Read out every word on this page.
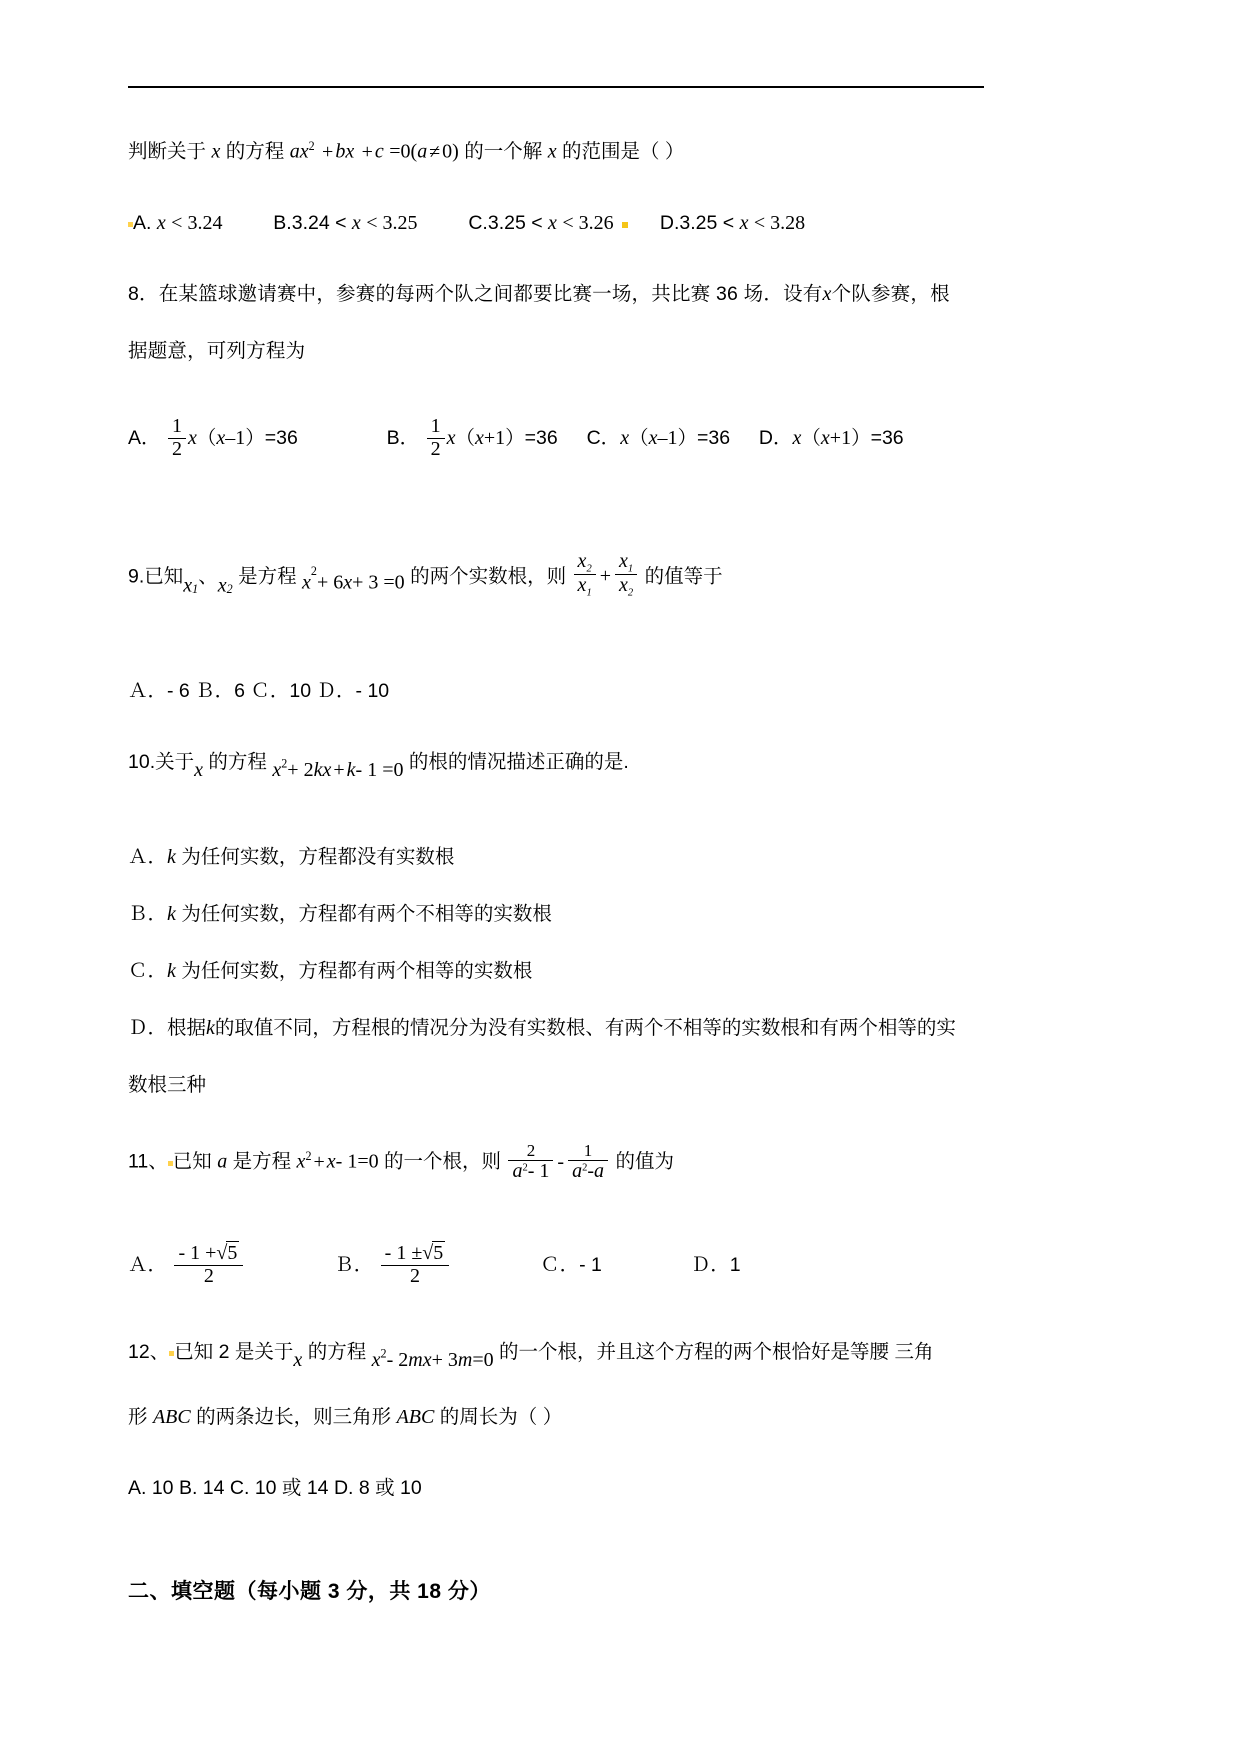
判断关于 x 的方程 $ax^2$ + bx + c =0(a ≠ 0) 的一个解 x 的范围是（ ）
A. x < 3.24	B.3.24 < x < 3.25	C.3.25 < x < 3.26 D.3.25 < x < 3.28
8．在某篮球邀请赛中，参赛的每两个队之间都要比赛一场，共比赛 36 场．设有x个队参赛，根
据题意，可列方程为
A． $\frac{1}{2} x(x-1)=36$	B． $\frac{1}{2} x(x+1)=36$ C．x（x–1）=36 D．x（x+1）=36
9.已知$x_1$、$x_2$ 是方程 $x^2+ 6x+ 3 =0$ 的两个实数根，则 $\frac{x_2}{x_1} + \frac{x_1}{x_2}$ 的值等于
Ａ．- 6 Ｂ．6 Ｃ．10 Ｄ．- 10
10.关于x 的方程 $x^2+ 2kx + k-$ 1 =0 的根的情况描述正确的是.
Ａ．k 为任何实数，方程都没有实数根
Ｂ．k 为任何实数，方程都有两个不相等的实数根
Ｃ．k 为任何实数，方程都有两个相等的实数根
Ｄ．根据k的取值不同，方程根的情况分为没有实数根、有两个不相等的实数根和有两个相等的实
数根三种
11、 已知 a 是方程 $x^2 + x-$ 1=0 的一个根，则 $\frac{2}{a^2- 1} - \frac{1}{a^2-a}$ 的值为
Ａ． $\frac{- 1 +√5}{2}$	Ｂ． $\frac{- 1 \pm√5}{2}$	Ｃ．- 1	Ｄ．1
12、 已知 2 是关于x 的方程 $x^2-$ 2mx+ 3m=0 的一个根，并且这个方程的两个根恰好是等腰 三角
形 ABC 的两条边长，则三角形 ABC 的周长为（ ）
A. 10 B. 14 C. 10 或 14 D. 8 或 10
二、填空题（每小题 3 分，共 18 分）
